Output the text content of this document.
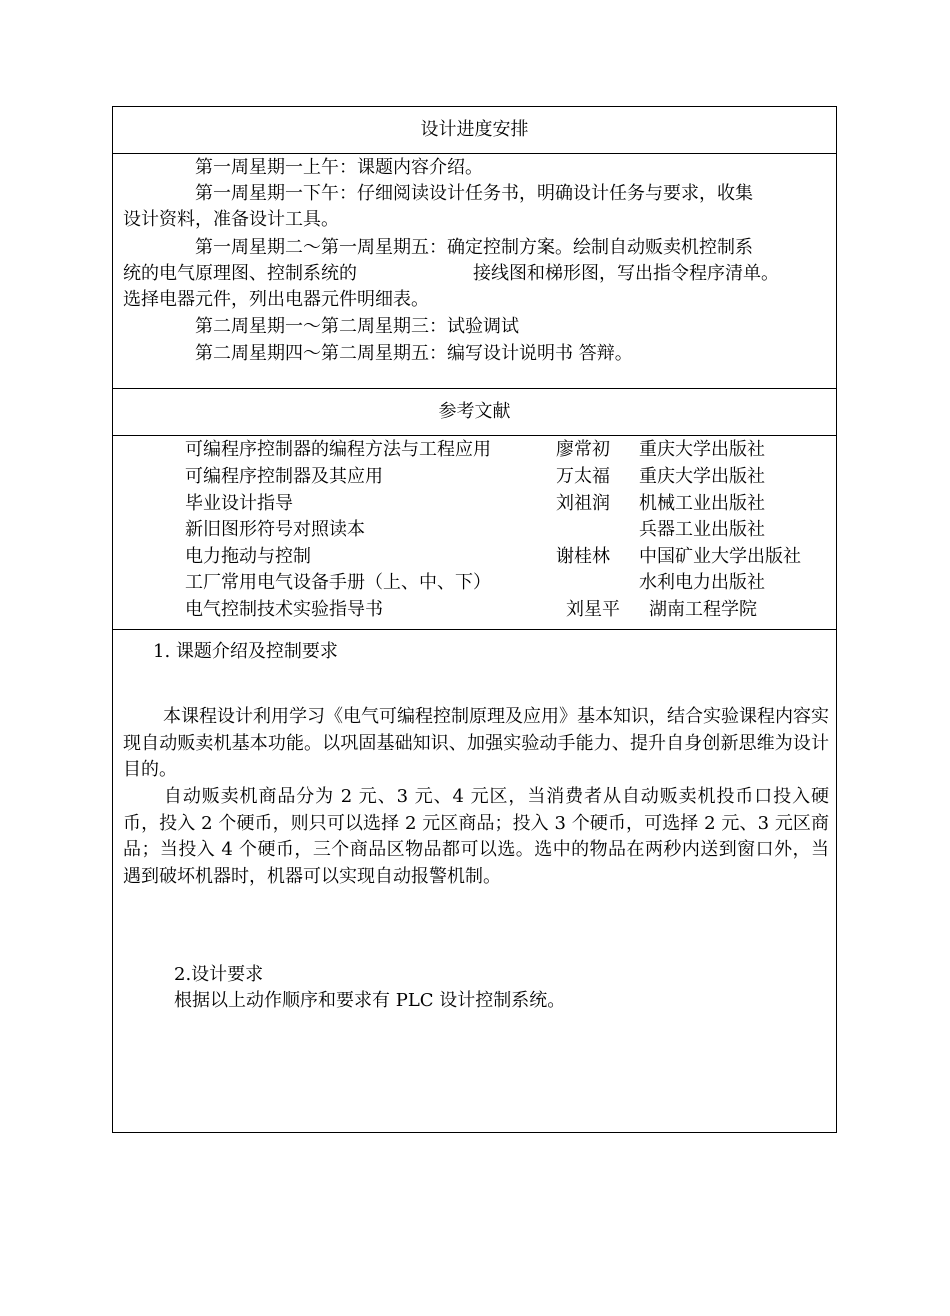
设计进度安排
第一周星期一上午：课题内容介绍。
第一周星期一下午：仔细阅读设计任务书，明确设计任务与要求，收集
设计资料，准备设计工具。
第一周星期二～第一周星期五：确定控制方案。绘制自动贩卖机控制系
统的电气原理图、控制系统的	接线图和梯形图，写出指令程序清单。
选择电器元件，列出电器元件明细表。
第二周星期一～第二周星期三：试验调试
第二周星期四～第二周星期五：编写设计说明书 答辩。
参考文献
可编程序控制器的编程方法与工程应用	廖常初 重庆大学出版社
可编程序控制器及其应用	万太福 重庆大学出版社
毕业设计指导	刘祖润 机械工业出版社
新旧图形符号对照读本	兵器工业出版社
电力拖动与控制	谢桂林 中国矿业大学出版社
工厂常用电气设备手册（上、中、下）	水利电力出版社
电气控制技术实验指导书	刘星平 湖南工程学院
1. 课题介绍及控制要求
本课程设计利用学习《电气可编程控制原理及应用》基本知识，结合实验课程内容实现自动贩卖机基本功能。以巩固基础知识、加强实验动手能力、提升自身创新思维为设计目的。
自动贩卖机商品分为 2 元、3 元、4 元区，当消费者从自动贩卖机投币口投入硬币，投入 2 个硬币，则只可以选择 2 元区商品；投入 3 个硬币，可选择 2 元、3 元区商品；当投入 4 个硬币，三个商品区物品都可以选。选中的物品在两秒内送到窗口外，当遇到破坏机器时，机器可以实现自动报警机制。
2.设计要求
根据以上动作顺序和要求有 PLC 设计控制系统。
